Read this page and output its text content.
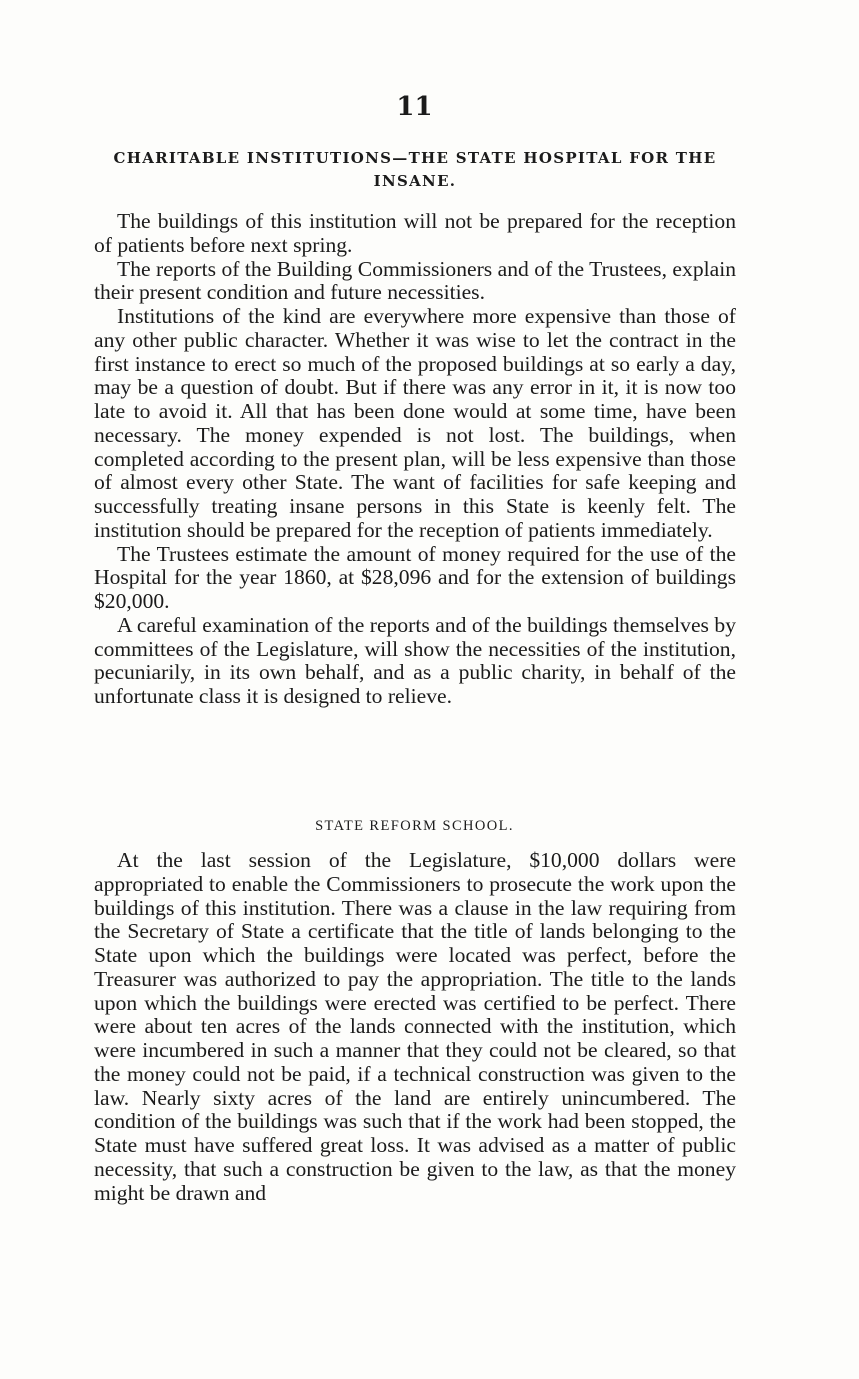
11
CHARITABLE INSTITUTIONS—THE STATE HOSPITAL FOR THE INSANE.

The buildings of this institution will not be prepared for the reception of patients before next spring.

The reports of the Building Commissioners and of the Trustees, explain their present condition and future necessities.

Institutions of the kind are everywhere more expensive than those of any other public character. Whether it was wise to let the contract in the first instance to erect so much of the proposed buildings at so early a day, may be a question of doubt. But if there was any error in it, it is now too late to avoid it. All that has been done would at some time, have been necessary. The money expended is not lost. The buildings, when completed according to the present plan, will be less expensive than those of almost every other State. The want of facilities for safe keeping and successfully treating insane persons in this State is keenly felt. The institution should be prepared for the reception of patients immediately.

The Trustees estimate the amount of money required for the use of the Hospital for the year 1860, at $28,096 and for the extension of buildings $20,000.

A careful examination of the reports and of the buildings themselves by committees of the Legislature, will show the necessities of the institution, pecuniarily, in its own behalf, and as a public charity, in behalf of the unfortunate class it is designed to relieve.

STATE REFORM SCHOOL.

At the last session of the Legislature, $10,000 dollars were appropriated to enable the Commissioners to prosecute the work upon the buildings of this institution. There was a clause in the law requiring from the Secretary of State a certificate that the title of lands belonging to the State upon which the buildings were located was perfect, before the Treasurer was authorized to pay the appropriation. The title to the lands upon which the buildings were erected was certified to be perfect. There were about ten acres of the lands connected with the institution, which were incumbered in such a manner that they could not be cleared, so that the money could not be paid, if a technical construction was given to the law. Nearly sixty acres of the land are entirely unincumbered. The condition of the buildings was such that if the work had been stopped, the State must have suffered great loss. It was advised as a matter of public necessity, that such a construction be given to the law, as that the money might be drawn and
